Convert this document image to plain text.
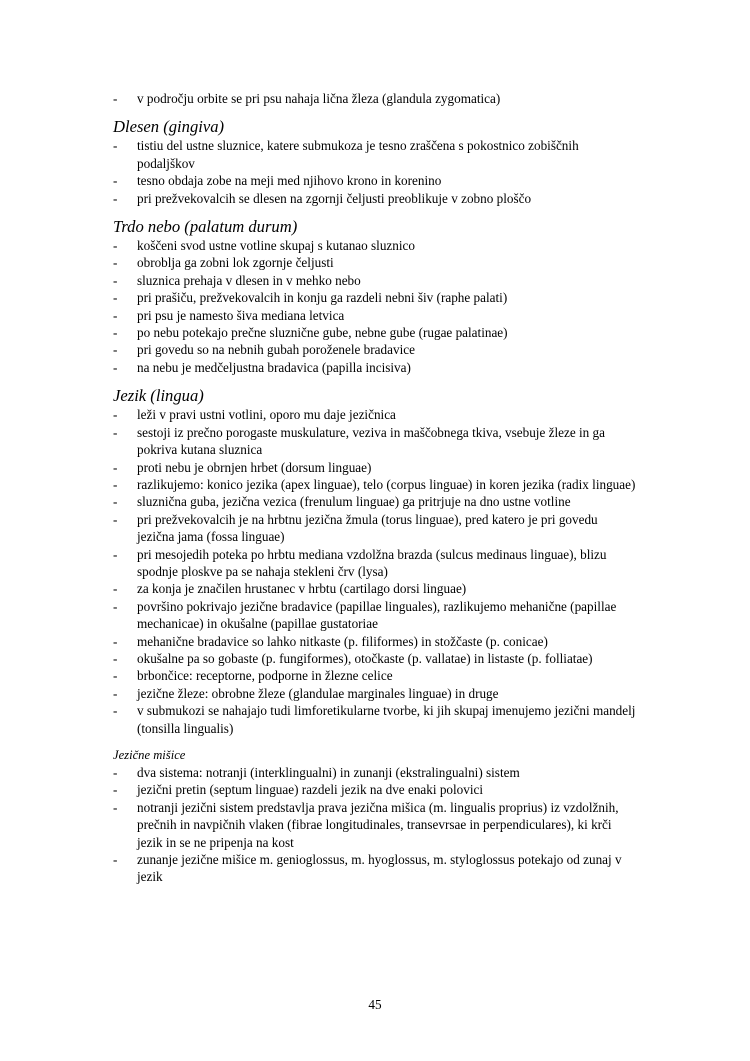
- v področju orbite se pri psu nahaja lična žleza (glandula zygomatica)
Dlesen (gingiva)
- tistiu del ustne sluznice, katere submukoza je tesno zraščena s pokostnico zobiščnih podaljškov
- tesno obdaja zobe na meji med njihovo krono in korenino
- pri prežvekovalcih se dlesen na zgornji čeljusti preoblikuje v zobno ploščo
Trdo nebo (palatum durum)
- koščeni svod ustne votline skupaj s kutanao sluznico
- obroblja ga zobni lok zgornje čeljusti
- sluznica prehaja v dlesen in v mehko nebo
- pri prašiču, prežvekovalcih in konju ga razdeli nebni šiv (raphe palati)
- pri psu je namesto šiva mediana letvica
- po nebu potekajo prečne sluznične gube, nebne gube (rugae palatinae)
- pri govedu so na nebnih gubah poroženele bradavice
- na nebu je medčeljustna bradavica (papilla incisiva)
Jezik (lingua)
- leži v pravi ustni votlini, oporo mu daje jezičnica
- sestoji iz prečno porogaste muskulature, veziva in maščobnega tkiva, vsebuje žleze in ga pokriva kutana sluznica
- proti nebu je obrnjen hrbet (dorsum linguae)
- razlikujemo: konico jezika (apex linguae), telo (corpus linguae) in koren jezika (radix linguae)
- sluznična guba, jezična vezica (frenulum linguae) ga pritrjuje na dno ustne votline
- pri prežvekovalcih je na hrbtnu jezična žmula (torus linguae), pred katero je pri govedu jezična jama (fossa linguae)
- pri mesojedih poteka po hrbtu mediana vzdolžna brazda (sulcus medinaus linguae), blizu spodnje ploskve pa se nahaja stekleni črv (lysa)
- za konja je značilen hrustanec v hrbtu (cartilago dorsi linguae)
- površino pokrivajo jezične bradavice (papillae linguales), razlikujemo mehanične (papillae mechanicae) in okušalne (papillae gustatoriae
- mehanične bradavice so lahko nitkaste (p. filiformes) in stožčaste (p. conicae)
- okušalne pa so gobaste (p. fungiformes), otočkaste (p. vallatae) in listaste (p. folliatae)
- brbončice: receptorne, podporne in žlezne celice
- jezične žleze: obrobne žleze (glandulae marginales linguae) in druge
- v submukozi se nahajajo tudi limforetikularne tvorbe, ki jih skupaj imenujemo jezični mandelj (tonsilla lingualis)
Jezične mišice
- dva sistema: notranji (interklingualni) in zunanji (ekstralingualni) sistem
- jezični pretin (septum linguae) razdeli jezik na dve enaki polovici
- notranji jezični sistem predstavlja prava jezična mišica (m. lingualis proprius) iz vzdolžnih, prečnih in navpičnih vlaken (fibrae longitudinales, transevrsae in perpendiculares), ki krči jezik in se ne pripenja na kost
- zunanje jezične mišice m. genioglossus, m. hyoglossus, m. styloglossus potekajo od zunaj v jezik
45
